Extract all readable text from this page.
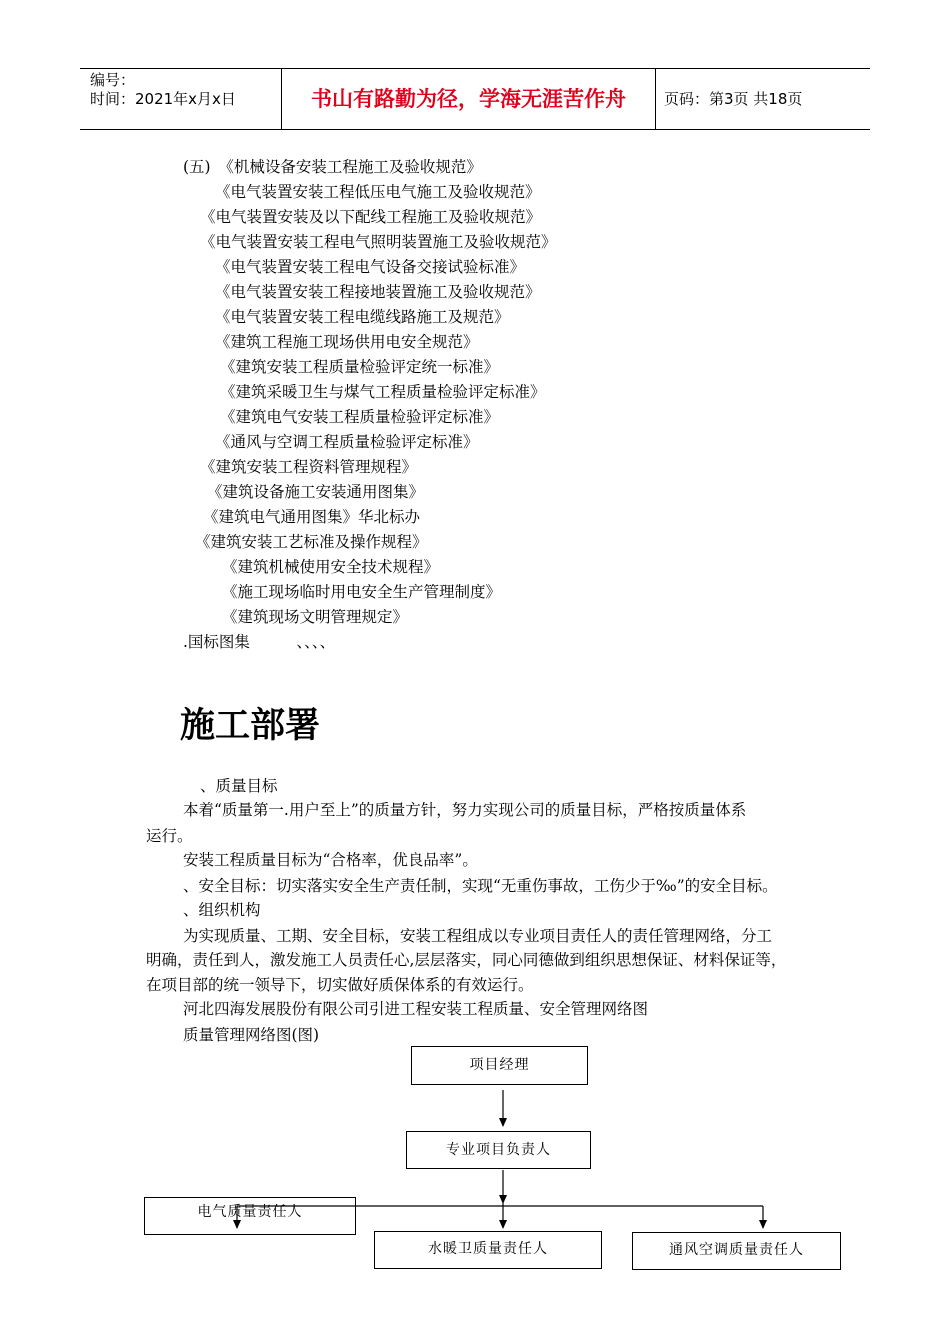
编号：
时间：2021年x月x日	书山有路勤为径，学海无涯苦作舟	页码：第3页 共18页
(五)　《机械设备安装工程施工及验收规范》
《电气装置安装工程低压电气施工及验收规范》
《电气装置安装及以下配线工程施工及验收规范》
《电气装置安装工程电气照明装置施工及验收规范》
《电气装置安装工程电气设备交接试验标准》
《电气装置安装工程接地装置施工及验收规范》
《电气装置安装工程电缆线路施工及规范》
《建筑工程施工现场供用电安全规范》
《建筑安装工程质量检验评定统一标准》
《建筑采暖卫生与煤气工程质量检验评定标准》
《建筑电气安装工程质量检验评定标准》
《通风与空调工程质量检验评定标准》
《建筑安装工程资料管理规程》
《建筑设备施工安装通用图集》
《建筑电气通用图集》华北标办
《建筑安装工艺标准及操作规程》
《建筑机械使用安全技术规程》
《施工现场临时用电安全生产管理制度》
《建筑现场文明管理规定》
.国标图集　　　、、、、
施工部署
、质量目标
本着“质量第一.用户至上”的质量方针，努力实现公司的质量目标，严格按质量体系
运行。
安装工程质量目标为“合格率，优良品率”。
、安全目标：切实落实安全生产责任制，实现“无重伤事故，工伤少于‰”的安全目标。
、组织机构
为实现质量、工期、安全目标，安装工程组成以专业项目责任人的责任管理网络，分工
明确，责任到人，激发施工人员责任心,层层落实，同心同德做到组织思想保证、材料保证等，
在项目部的统一领导下，切实做好质保体系的有效运行。
河北四海发展股份有限公司引进工程安装工程质量、安全管理网络图
质量管理网络图(图)
项目经理
专业项目负责人
电气质量责任人
水暖卫质量责任人	通风空调质量责任人
